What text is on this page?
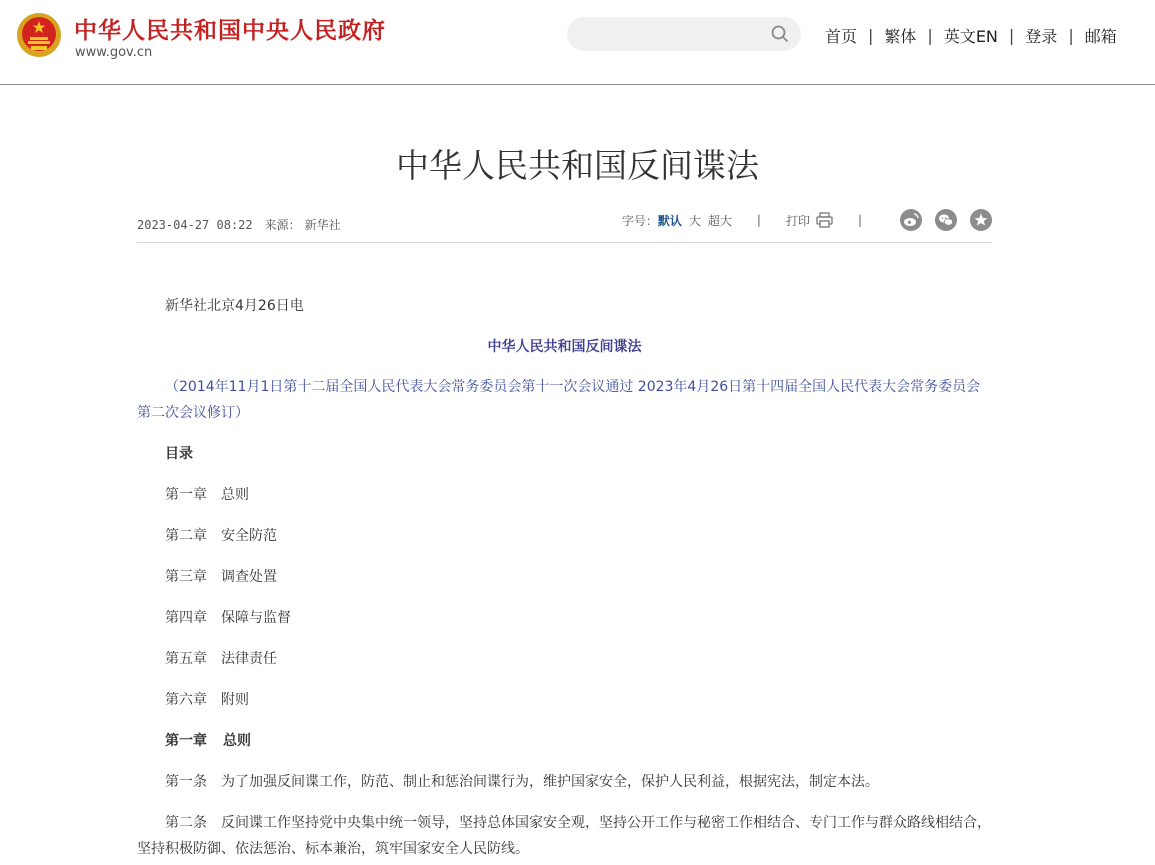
中华人民共和国中央人民政府
www.gov.cn
首页 | 繁体 | 英文EN | 登录 | 邮箱
中华人民共和国反间谍法
2023-04-27 08:22 来源： 新华社	字号： 默认 大 超大 | 打印	|

新华社北京4月26日电

中华人民共和国反间谍法

（2014年11月1日第十二届全国人民代表大会常务委员会第十一次会议通过 2023年4月26日第十四届全国人民代表大会常务委员会第二次会议修订）

目录

第一章 总则

第二章 安全防范

第三章 调查处置

第四章 保障与监督

第五章 法律责任

第六章 附则

第一章 总则

第一条 为了加强反间谍工作，防范、制止和惩治间谍行为，维护国家安全，保护人民利益，根据宪法，制定本法。

第二条 反间谍工作坚持党中央集中统一领导，坚持总体国家安全观，坚持公开工作与秘密工作相结合、专门工作与群众路线相结合，坚持积极防御、依法惩治、标本兼治，筑牢国家安全人民防线。
